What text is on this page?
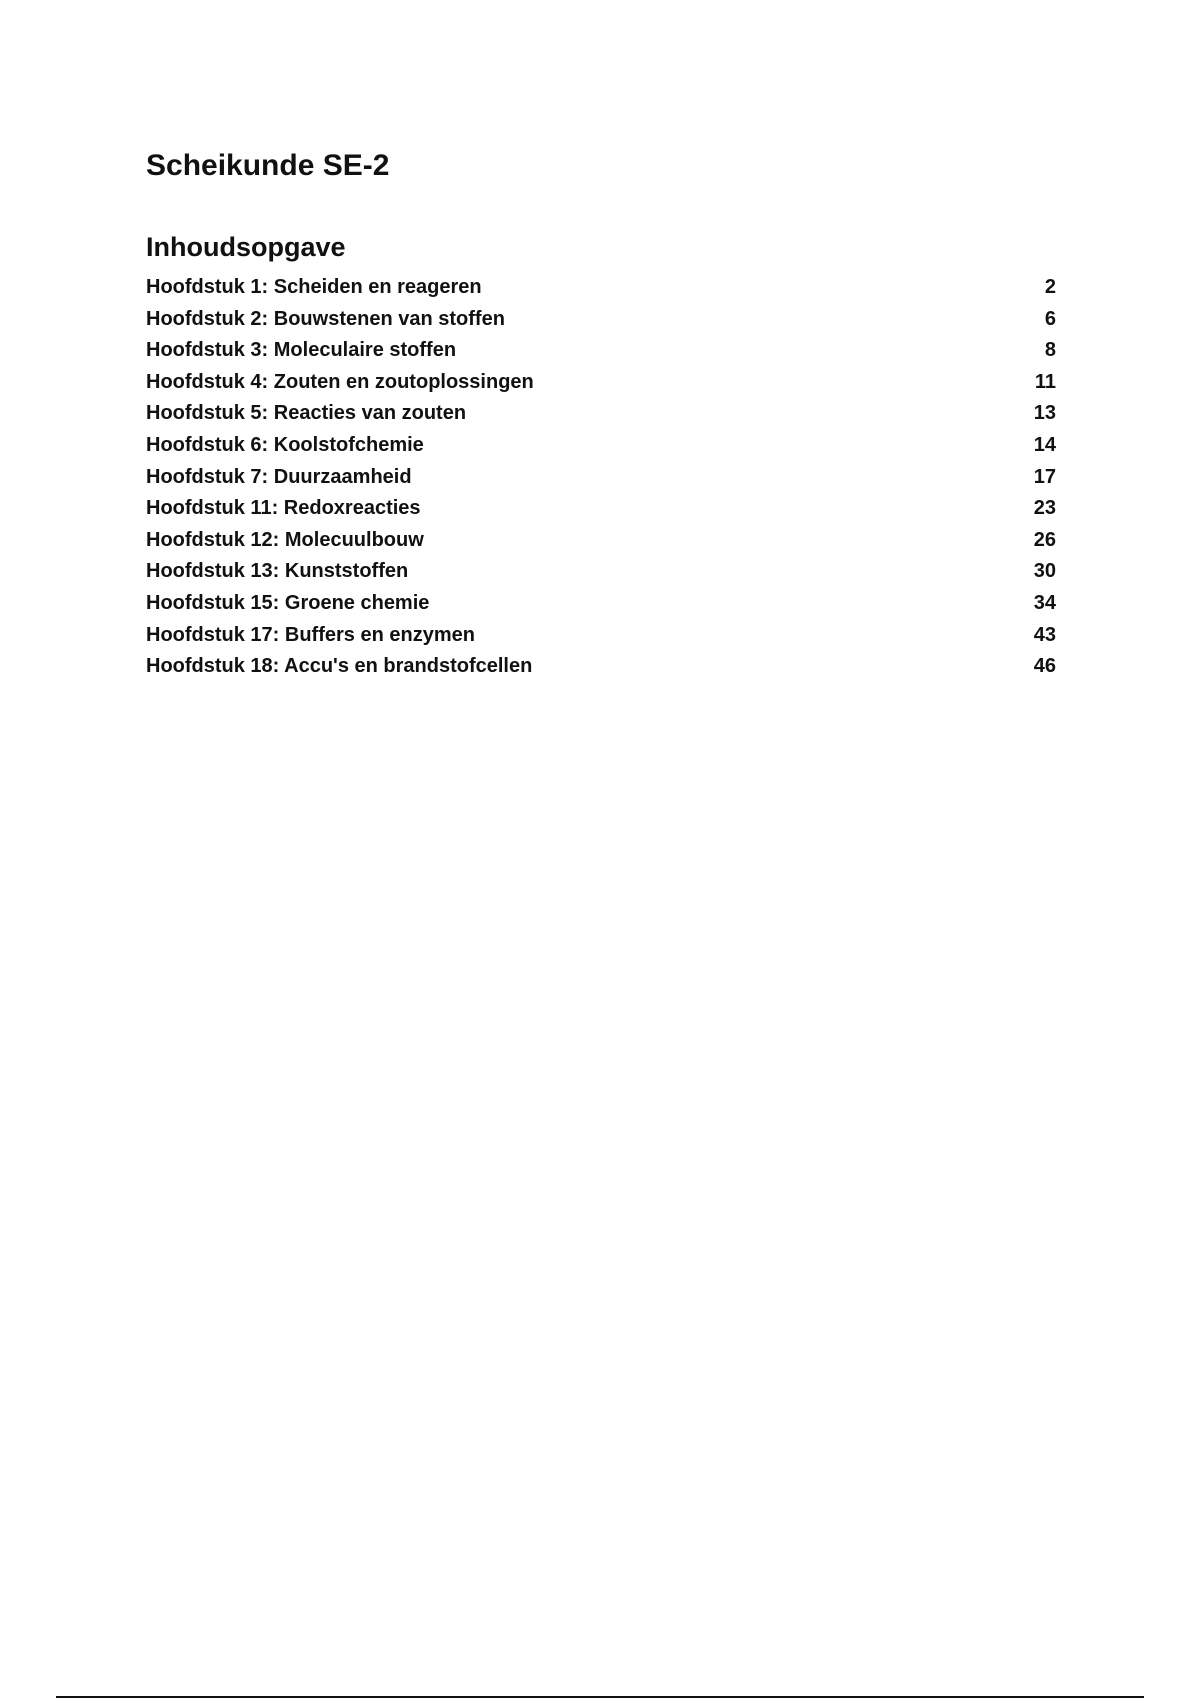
Scheikunde SE-2
Inhoudsopgave
Hoofdstuk 1: Scheiden en reageren	2
Hoofdstuk 2: Bouwstenen van stoffen	6
Hoofdstuk 3: Moleculaire stoffen	8
Hoofdstuk 4: Zouten en zoutoplossingen	11
Hoofdstuk 5: Reacties van zouten	13
Hoofdstuk 6: Koolstofchemie	14
Hoofdstuk 7: Duurzaamheid	17
Hoofdstuk 11: Redoxreacties	23
Hoofdstuk 12: Molecuulbouw	26
Hoofdstuk 13: Kunststoffen	30
Hoofdstuk 15: Groene chemie	34
Hoofdstuk 17: Buffers en enzymen	43
Hoofdstuk 18: Accu's en brandstofcellen	46
